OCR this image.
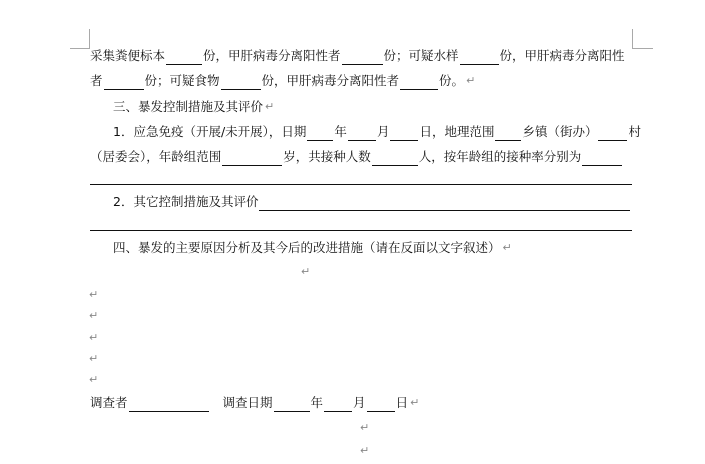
采集粪便标本	份，甲肝病毒分离阳性者	份；可疑水样	份，甲肝病毒分离阳性
者	份；可疑食物	份，甲肝病毒分离阳性者	份。 ↵
三、暴发控制措施及其评价 ↵
1．应急免疫（开展/未开展），日期 年 月 日，地理范围 乡镇（街办） 村
（居委会），年龄组范围	岁，共接种人数	人，按年龄组的接种率分别为
2．其它控制措施及其评价
四、暴发的主要原因分析及其今后的改进措施（请在反面以文字叙述） ↵
↵
↵
↵
↵
↵
↵
调查者	调查日期	年 月 日 ↵
↵
↵
